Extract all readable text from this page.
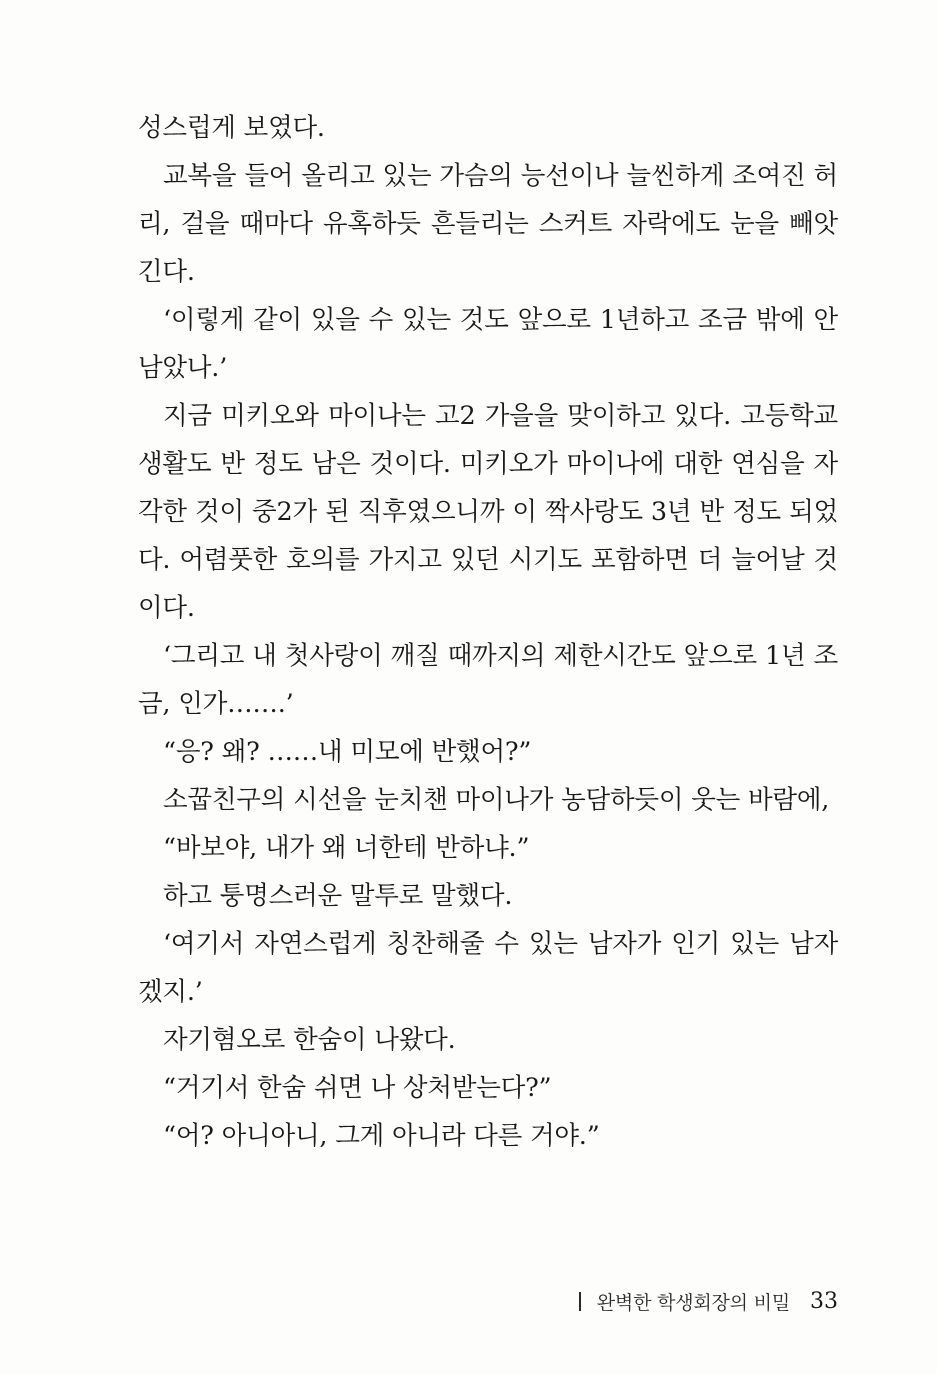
성스럽게 보였다.

교복을 들어 올리고 있는 가슴의 능선이나 늘씬하게 조여진 허리, 걸을 때마다 유혹하듯 흔들리는 스커트 자락에도 눈을 빼앗긴다.

‘이렇게 같이 있을 수 있는 것도 앞으로 1년하고 조금 밖에 안 남았나.’

지금 미키오와 마이나는 고2 가을을 맞이하고 있다. 고등학교 생활도 반 정도 남은 것이다. 미키오가 마이나에 대한 연심을 자각한 것이 중2가 된 직후였으니까 이 짝사랑도 3년 반 정도 되었다. 어렴풋한 호의를 가지고 있던 시기도 포함하면 더 늘어날 것이다.

‘그리고 내 첫사랑이 깨질 때까지의 제한시간도 앞으로 1년 조금, 인가…….’

“응? 왜? ……내 미모에 반했어?”

소꿉친구의 시선을 눈치챈 마이나가 농담하듯이 웃는 바람에,

“바보야, 내가 왜 너한테 반하냐.”

하고 퉁명스러운 말투로 말했다.

‘여기서 자연스럽게 칭찬해줄 수 있는 남자가 인기 있는 남자겠지.’

자기혐오로 한숨이 나왔다.

“거기서 한숨 쉬면 나 상처받는다?”

“어? 아니아니, 그게 아니라 다른 거야.”

완벽한 학생회장의 비밀 33
